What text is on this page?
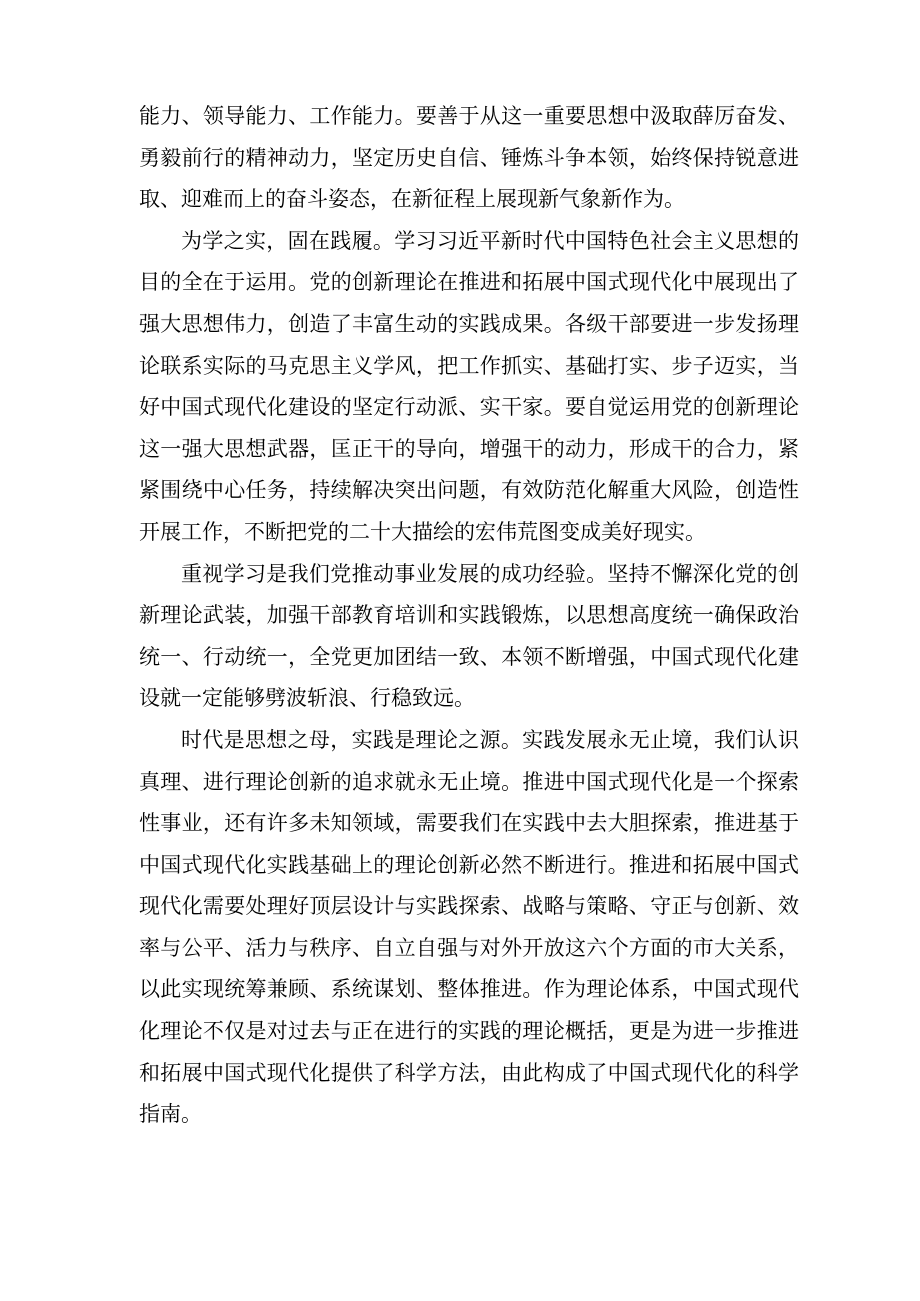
能力、领导能力、工作能力。要善于从这一重要思想中汲取薛厉奋发、勇毅前行的精神动力，坚定历史自信、锤炼斗争本领，始终保持锐意进取、迎难而上的奋斗姿态，在新征程上展现新气象新作为。

为学之实，固在践履。学习习近平新时代中国特色社会主义思想的目的全在于运用。党的创新理论在推进和拓展中国式现代化中展现出了强大思想伟力，创造了丰富生动的实践成果。各级干部要进一步发扬理论联系实际的马克思主义学风，把工作抓实、基础打实、步子迈实，当好中国式现代化建设的坚定行动派、实干家。要自觉运用党的创新理论这一强大思想武器，匡正干的导向，增强干的动力，形成干的合力，紧紧围绕中心任务，持续解决突出问题，有效防范化解重大风险，创造性开展工作，不断把党的二十大描绘的宏伟荒图变成美好现实。

重视学习是我们党推动事业发展的成功经验。坚持不懈深化党的创新理论武装，加强干部教育培训和实践锻炼，以思想高度统一确保政治统一、行动统一，全党更加团结一致、本领不断增强，中国式现代化建设就一定能够劈波斩浪、行稳致远。

时代是思想之母，实践是理论之源。实践发展永无止境，我们认识真理、进行理论创新的追求就永无止境。推进中国式现代化是一个探索性事业，还有许多未知领域，需要我们在实践中去大胆探索，推进基于中国式现代化实践基础上的理论创新必然不断进行。推进和拓展中国式现代化需要处理好顶层设计与实践探索、战略与策略、守正与创新、效率与公平、活力与秩序、自立自强与对外开放这六个方面的市大关系，以此实现统筹兼顾、系统谋划、整体推进。作为理论体系，中国式现代化理论不仅是对过去与正在进行的实践的理论概括，更是为进一步推进和拓展中国式现代化提供了科学方法，由此构成了中国式现代化的科学指南。
